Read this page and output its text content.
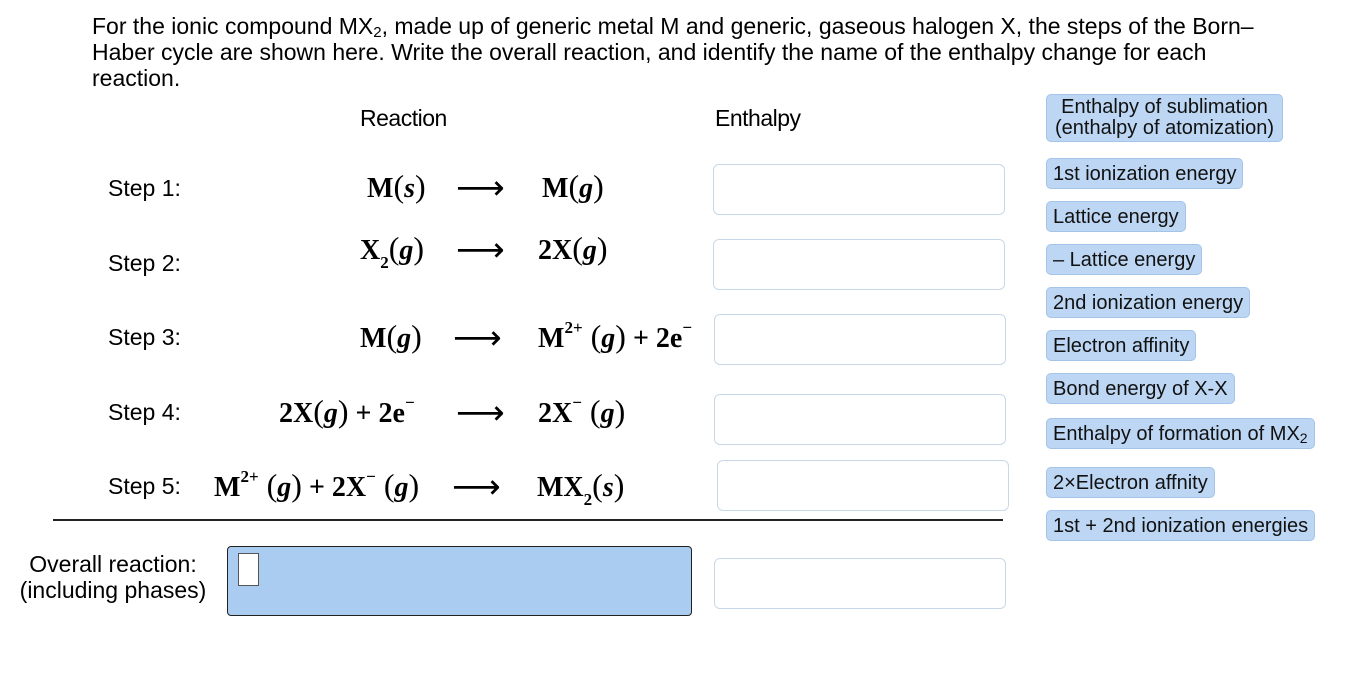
For the ionic compound $MX_2$, made up of generic metal M and generic, gaseous halogen X, the steps of the Born– Haber cycle are shown here. Write the overall reaction, and identify the name of the enthalpy change for each reaction.
Reaction	Enthalpy
Step 1:
Step 2:
Step 3:
Step 4:
Step 5:
M(s) ⟶ M(g)
$X_2(g)$ ⟶ 2X(g)
M(g) ⟶ $M^{2+}$ (g) + 2e−
2X(g) + 2e− ⟶ 2X− (g)
$M^{2+}$ (g) + 2X− (g) ⟶ $MX_2(s)$
Overall reaction:
(including phases)
Enthalpy of sublimation
(enthalpy of atomization)
1st ionization energy
Lattice energy
– Lattice energy
2nd ionization energy
Electron affinity
Bond energy of X-X
Enthalpy of formation of $MX_2$
2×Electron affnity
1st + 2nd ionization energies
